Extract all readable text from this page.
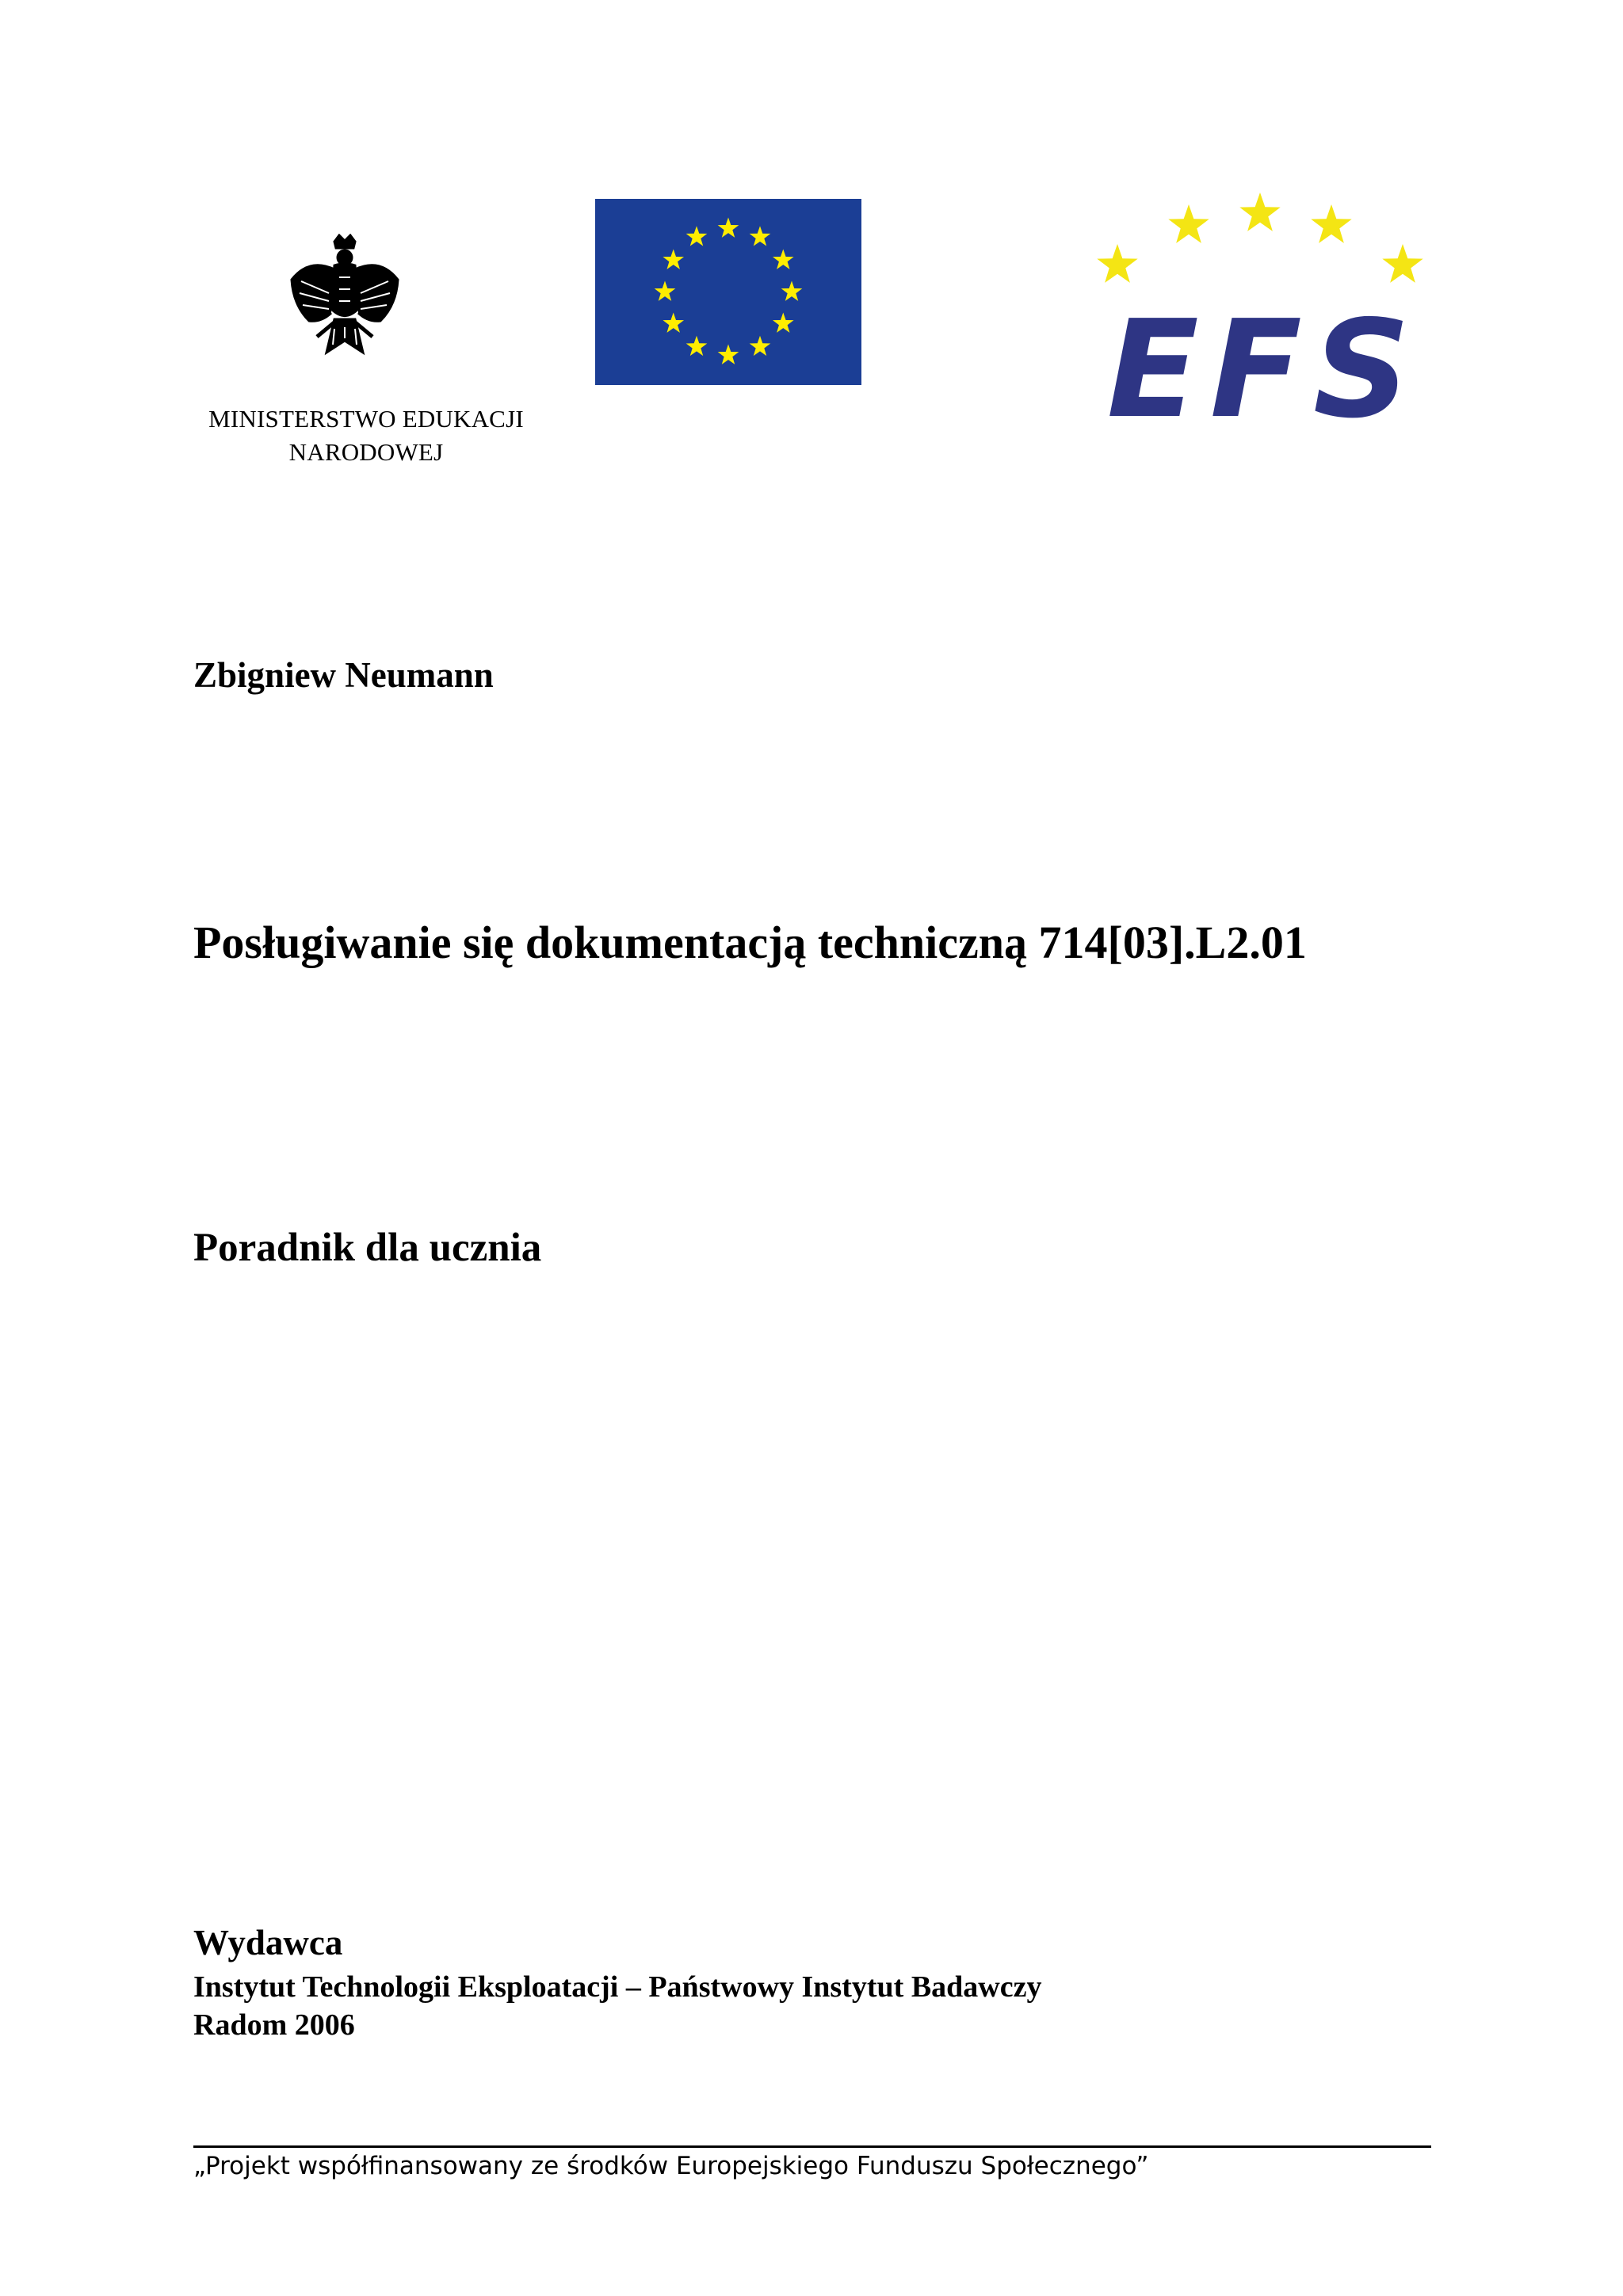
MINISTERSTWO EDUKACJI NARODOWEJ
EFS
Zbigniew Neumann
Posługiwanie się dokumentacją techniczną 714[03].L2.01
Poradnik dla ucznia
Wydawca
Instytut Technologii Eksploatacji – Państwowy Instytut Badawczy
Radom 2006
„Projekt współfinansowany ze środków Europejskiego Funduszu Społecznego”
